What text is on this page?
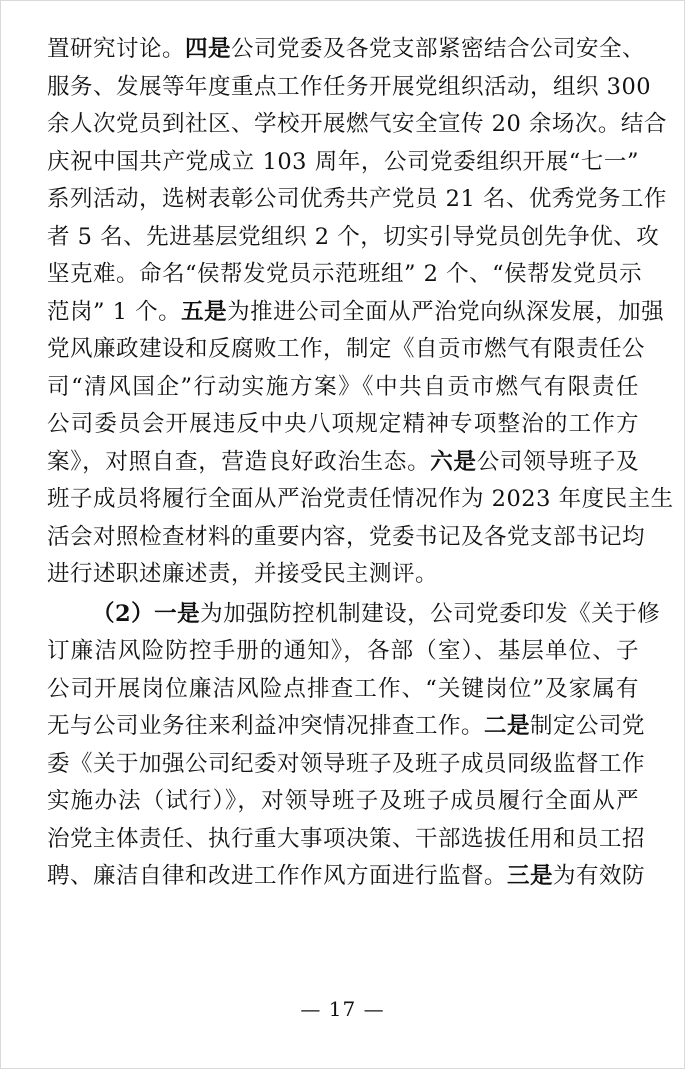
置研究讨论。四是公司党委及各党支部紧密结合公司安全、
服务、发展等年度重点工作任务开展党组织活动，组织 300
余人次党员到社区、学校开展燃气安全宣传 20 余场次。结合
庆祝中国共产党成立 103 周年，公司党委组织开展“七一”
系列活动，选树表彰公司优秀共产党员 21 名、优秀党务工作
者 5 名、先进基层党组织 2 个，切实引导党员创先争优、攻
坚克难。命名“侯帮发党员示范班组” 2 个、“侯帮发党员示
范岗” 1 个。五是为推进公司全面从严治党向纵深发展，加强
党风廉政建设和反腐败工作，制定《自贡市燃气有限责任公
司“清风国企”行动实施方案》《中共自贡市燃气有限责任
公司委员会开展违反中央八项规定精神专项整治的工作方
案》，对照自查，营造良好政治生态。六是公司领导班子及
班子成员将履行全面从严治党责任情况作为 2023 年度民主生
活会对照检查材料的重要内容，党委书记及各党支部书记均
进行述职述廉述责，并接受民主测评。
（2）一是为加强防控机制建设，公司党委印发《关于修
订廉洁风险防控手册的通知》，各部（室）、基层单位、子
公司开展岗位廉洁风险点排查工作、“关键岗位”及家属有
无与公司业务往来利益冲突情况排查工作。二是制定公司党
委《关于加强公司纪委对领导班子及班子成员同级监督工作
实施办法（试行）》，对领导班子及班子成员履行全面从严
治党主体责任、执行重大事项决策、干部选拔任用和员工招
聘、廉洁自律和改进工作作风方面进行监督。三是为有效防
— 17 —
